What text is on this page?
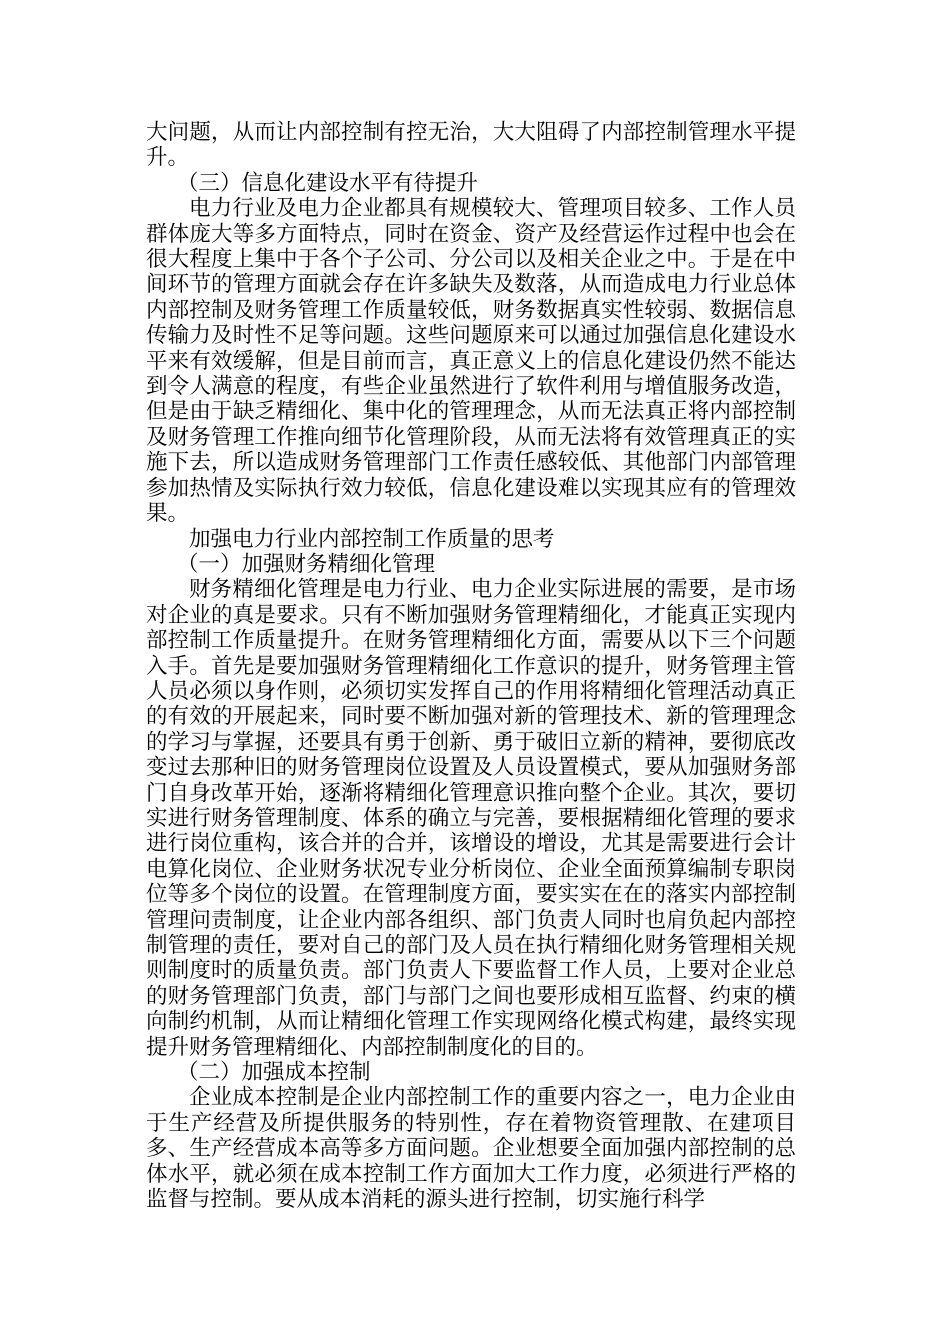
大问题，从而让内部控制有控无治，大大阻碍了内部控制管理水平提升。

（三）信息化建设水平有待提升

电力行业及电力企业都具有规模较大、管理项目较多、工作人员群体庞大等多方面特点，同时在资金、资产及经营运作过程中也会在很大程度上集中于各个子公司、分公司以及相关企业之中。于是在中间环节的管理方面就会存在许多缺失及数落，从而造成电力行业总体内部控制及财务管理工作质量较低，财务数据真实性较弱、数据信息传输力及时性不足等问题。这些问题原来可以通过加强信息化建设水平来有效缓解，但是目前而言，真正意义上的信息化建设仍然不能达到令人满意的程度，有些企业虽然进行了软件利用与增值服务改造，但是由于缺乏精细化、集中化的管理理念，从而无法真正将内部控制及财务管理工作推向细节化管理阶段，从而无法将有效管理真正的实施下去，所以造成财务管理部门工作责任感较低、其他部门内部管理参加热情及实际执行效力较低，信息化建设难以实现其应有的管理效果。

加强电力行业内部控制工作质量的思考

（一）加强财务精细化管理

财务精细化管理是电力行业、电力企业实际进展的需要，是市场对企业的真是要求。只有不断加强财务管理精细化，才能真正实现内部控制工作质量提升。在财务管理精细化方面，需要从以下三个问题入手。首先是要加强财务管理精细化工作意识的提升，财务管理主管人员必须以身作则，必须切实发挥自己的作用将精细化管理活动真正的有效的开展起来，同时要不断加强对新的管理技术、新的管理理念的学习与掌握，还要具有勇于创新、勇于破旧立新的精神，要彻底改变过去那种旧的财务管理岗位设置及人员设置模式，要从加强财务部门自身改革开始，逐渐将精细化管理意识推向整个企业。其次，要切实进行财务管理制度、体系的确立与完善，要根据精细化管理的要求进行岗位重构，该合并的合并，该增设的增设，尤其是需要进行会计电算化岗位、企业财务状况专业分析岗位、企业全面预算编制专职岗位等多个岗位的设置。在管理制度方面，要实实在在的落实内部控制管理问责制度，让企业内部各组织、部门负责人同时也肩负起内部控制管理的责任，要对自己的部门及人员在执行精细化财务管理相关规则制度时的质量负责。部门负责人下要监督工作人员，上要对企业总的财务管理部门负责，部门与部门之间也要形成相互监督、约束的横向制约机制，从而让精细化管理工作实现网络化模式构建，最终实现提升财务管理精细化、内部控制制度化的目的。

（二）加强成本控制

企业成本控制是企业内部控制工作的重要内容之一，电力企业由于生产经营及所提供服务的特别性，存在着物资管理散、在建项目多、生产经营成本高等多方面问题。企业想要全面加强内部控制的总体水平，就必须在成本控制工作方面加大工作力度，必须进行严格的监督与控制。要从成本消耗的源头进行控制，切实施行科学
